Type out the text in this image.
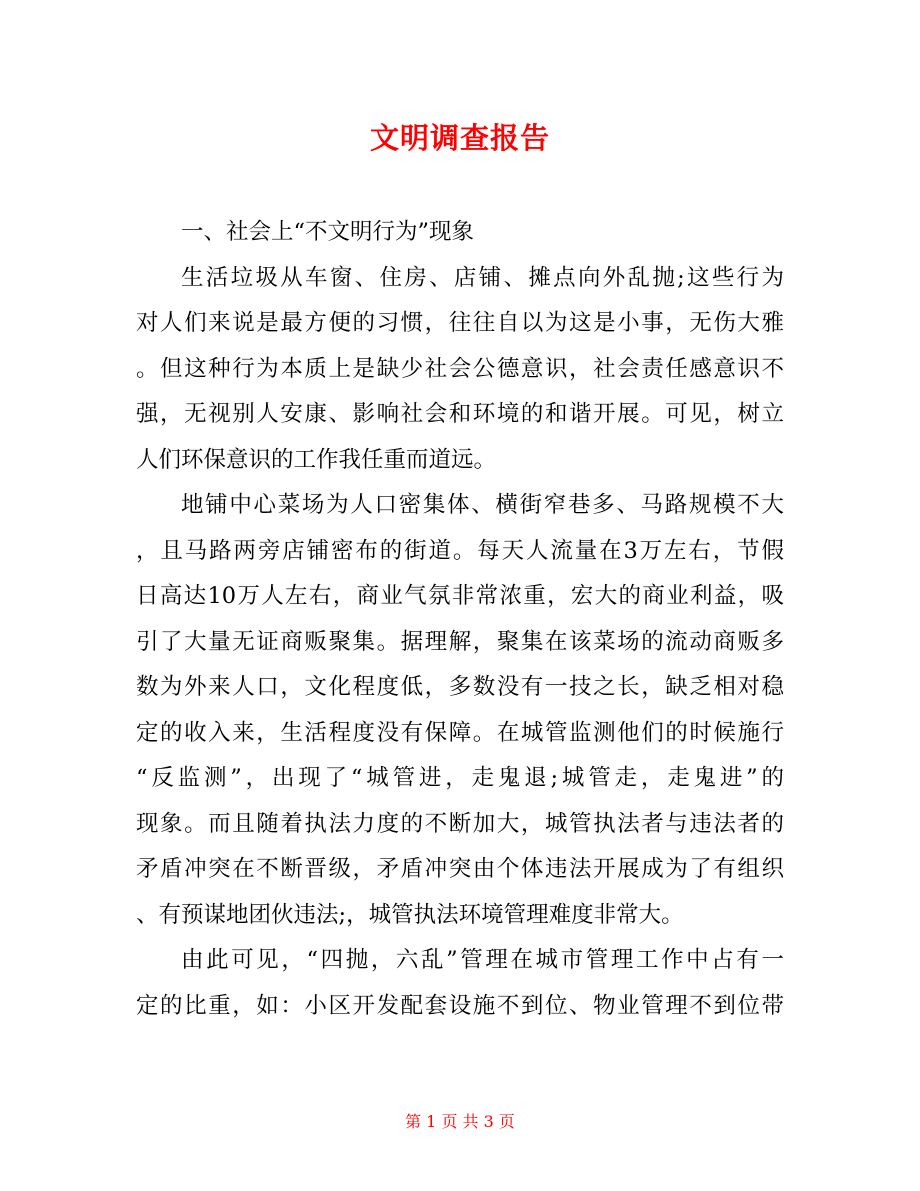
文明调查报告
一、社会上“不文明行为”现象
生活垃圾从车窗、住房、店铺、摊点向外乱抛;这些行为
对人们来说是最方便的习惯，往往自以为这是小事，无伤大雅
。但这种行为本质上是缺少社会公德意识，社会责任感意识不
强，无视别人安康、影响社会和环境的和谐开展。可见，树立
人们环保意识的工作我任重而道远。
地铺中心菜场为人口密集体、横街窄巷多、马路规模不大
，且马路两旁店铺密布的街道。每天人流量在3万左右，节假
日高达10万人左右，商业气氛非常浓重，宏大的商业利益，吸
引了大量无证商贩聚集。据理解，聚集在该菜场的流动商贩多
数为外来人口，文化程度低，多数没有一技之长，缺乏相对稳
定的收入来，生活程度没有保障。在城管监测他们的时候施行
“反监测”，出现了“城管进，走鬼退;城管走，走鬼进”的
现象。而且随着执法力度的不断加大，城管执法者与违法者的
矛盾冲突在不断晋级，矛盾冲突由个体违法开展成为了有组织
、有预谋地团伙违法;，城管执法环境管理难度非常大。
由此可见，“四抛，六乱”管理在城市管理工作中占有一
定的比重，如：小区开发配套设施不到位、物业管理不到位带
第 1 页 共 3 页
